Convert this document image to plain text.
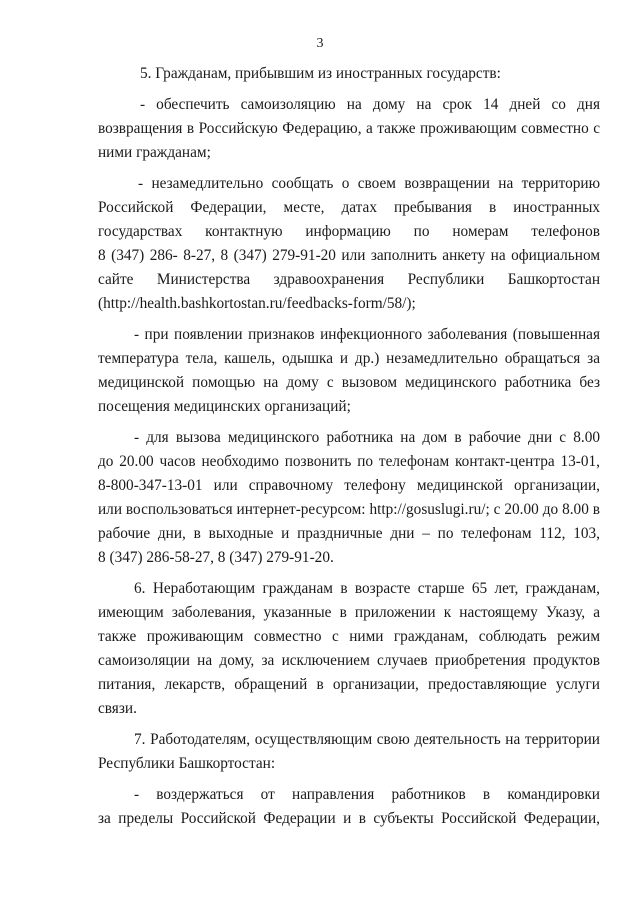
3
5. Гражданам, прибывшим из иностранных государств:
- обеспечить самоизоляцию на дому на срок 14 дней со дня
возвращения в Российскую Федерацию, а также проживающим совместно с
ними гражданам;
- незамедлительно сообщать о своем возвращении на территорию
Российской Федерации, месте, датах пребывания в иностранных
государствах контактную информацию по номерам телефонов
8 (347) 286- 8-27, 8 (347) 279-91-20 или заполнить анкету на официальном
сайте Министерства здравоохранения Республики Башкортостан
(http://health.bashkortostan.ru/feedbacks-form/58/);
- при появлении признаков инфекционного заболевания (повышенная
температура тела, кашель, одышка и др.) незамедлительно обращаться за
медицинской помощью на дому с вызовом медицинского работника без
посещения медицинских организаций;
- для вызова медицинского работника на дом в рабочие дни с 8.00
до 20.00 часов необходимо позвонить по телефонам контакт-центра 13-01,
8-800-347-13-01 или справочному телефону медицинской организации,
или воспользоваться интернет-ресурсом: http://gosuslugi.ru/; с 20.00 до 8.00 в
рабочие дни, в выходные и праздничные дни – по телефонам 112, 103,
8 (347) 286-58-27, 8 (347) 279-91-20.
6. Неработающим гражданам в возрасте старше 65 лет, гражданам,
имеющим заболевания, указанные в приложении к настоящему Указу, а
также проживающим совместно с ними гражданам, соблюдать режим
самоизоляции на дому, за исключением случаев приобретения продуктов
питания, лекарств, обращений в организации, предоставляющие услуги
связи.
7. Работодателям, осуществляющим свою деятельность на территории
Республики Башкортостан:
- воздержаться от направления работников в командировки
за пределы Российской Федерации и в субъекты Российской Федерации,
